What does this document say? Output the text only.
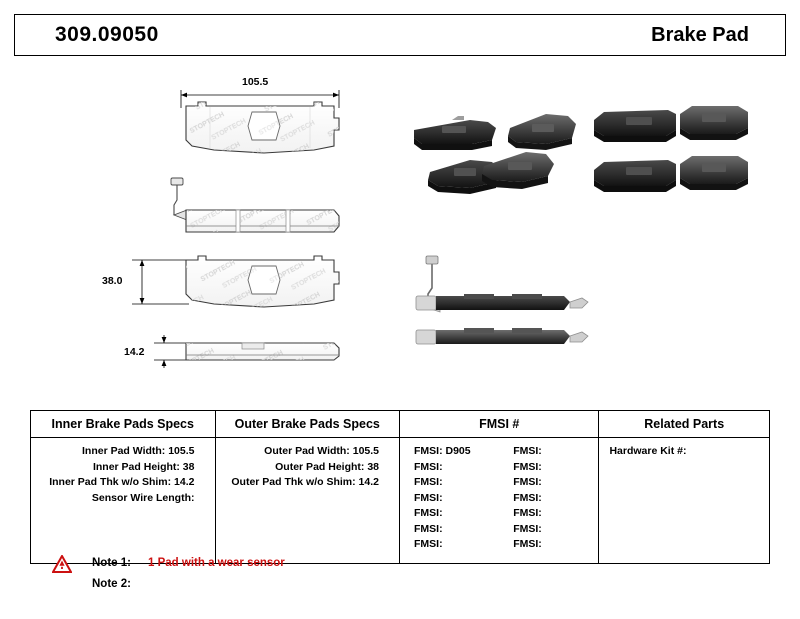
309.09050	Brake Pad
105.5
38.0
14.2
Inner Brake Pads Specs
Inner Pad Width: 105.5
Inner Pad Height: 38
Inner Pad Thk w/o Shim: 14.2
Sensor Wire Length:
Outer Brake Pads Specs
Outer Pad Width: 105.5
Outer Pad Height: 38
Outer Pad Thk w/o Shim: 14.2
FMSI #
FMSI: D905
FMSI:
FMSI:
FMSI:
FMSI:
FMSI:
FMSI:
FMSI:
FMSI:
FMSI:
FMSI:
FMSI:
FMSI:
FMSI:
Related Parts
Hardware Kit #:
Note 1:	1 Pad with a wear sensor
Note 2:
